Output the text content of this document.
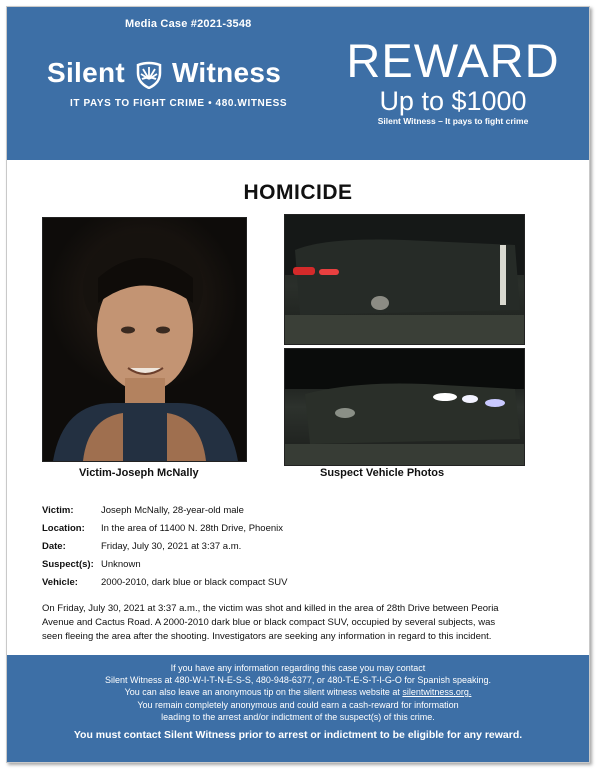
Media Case #2021-3548
Silent Witness
IT PAYS TO FIGHT CRIME • 480.WITNESS
REWARD
Up to $1000
Silent Witness – It pays to fight crime
HOMICIDE
Victim-Joseph McNally	Suspect Vehicle Photos
Victim:	Joseph McNally, 28-year-old male
Location: In the area of 11400 N. 28th Drive, Phoenix
Date:	Friday, July 30, 2021 at 3:37 a.m.
Suspect(s): Unknown
Vehicle: 2000-2010, dark blue or black compact SUV
On Friday, July 30, 2021 at 3:37 a.m., the victim was shot and killed in the area of 28th Drive between Peoria
Avenue and Cactus Road. A 2000-2010 dark blue or black compact SUV, occupied by several subjects, was
seen fleeing the area after the shooting. Investigators are seeking any information in regard to this incident.
If you have any information regarding this case you may contact
Silent Witness at 480-W-I-T-N-E-S-S, 480-948-6377, or 480-T-E-S-T-I-G-O for Spanish speaking.
You can also leave an anonymous tip on the silent witness website at silentwitness.org.
You remain completely anonymous and could earn a cash-reward for information
leading to the arrest and/or indictment of the suspect(s) of this crime.
You must contact Silent Witness prior to arrest or indictment to be eligible for any reward.
